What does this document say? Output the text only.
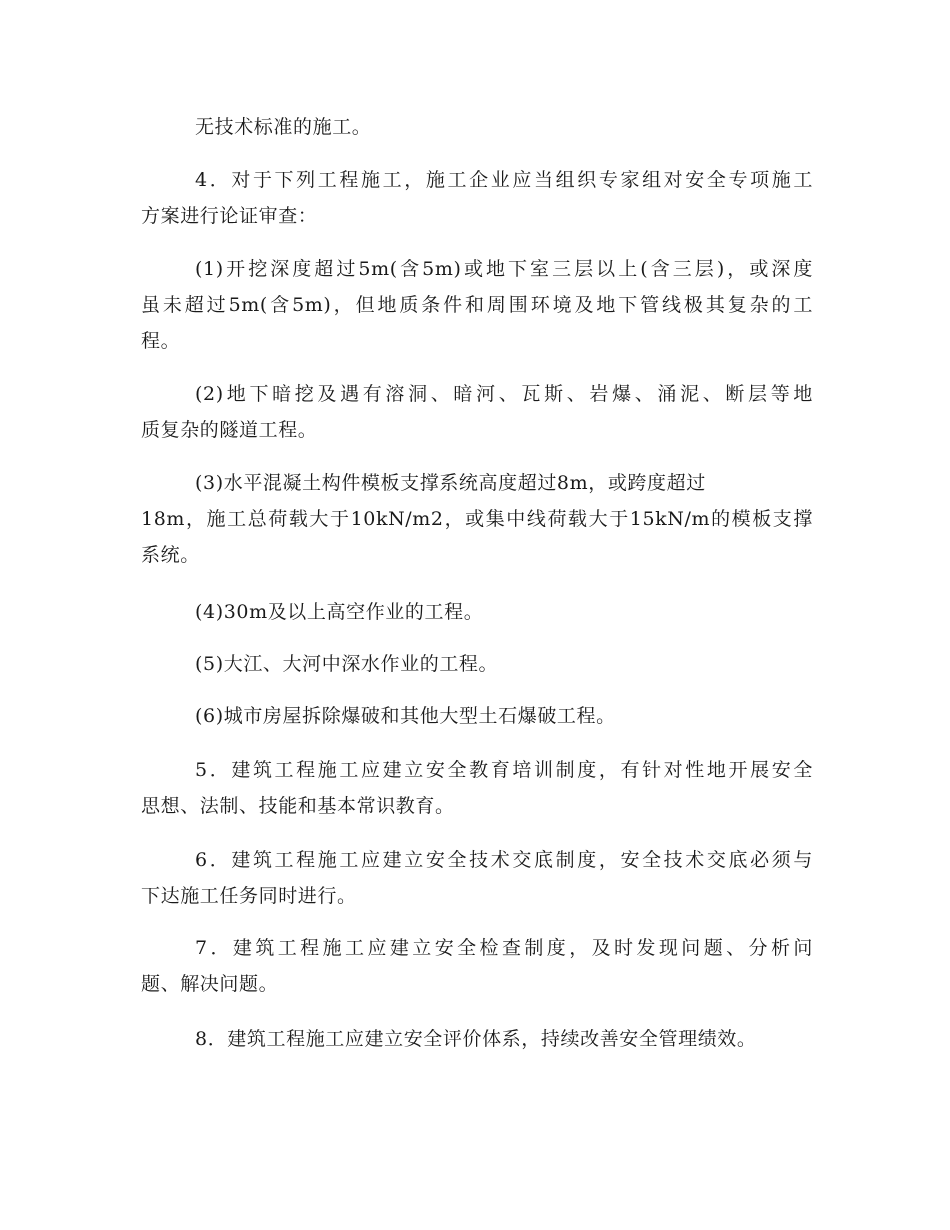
无技术标准的施工。

4．对于下列工程施工，施工企业应当组织专家组对安全专项施工
方案进行论证审查：

(1)开挖深度超过5m(含5m)或地下室三层以上(含三层)，或深度
虽未超过5m(含5m)，但地质条件和周围环境及地下管线极其复杂的工
程。

(2)地下暗挖及遇有溶洞、暗河、瓦斯、岩爆、涌泥、断层等地
质复杂的隧道工程。

(3)水平混凝土构件模板支撑系统高度超过8m，或跨度超过
18m，施工总荷载大于10kN/m2，或集中线荷载大于15kN/m的模板支撑
系统。

(4)30m及以上高空作业的工程。

(5)大江、大河中深水作业的工程。

(6)城市房屋拆除爆破和其他大型土石爆破工程。

5．建筑工程施工应建立安全教育培训制度，有针对性地开展安全
思想、法制、技能和基本常识教育。

6．建筑工程施工应建立安全技术交底制度，安全技术交底必须与
下达施工任务同时进行。

7．建筑工程施工应建立安全检查制度，及时发现问题、分析问
题、解决问题。

8．建筑工程施工应建立安全评价体系，持续改善安全管理绩效。
